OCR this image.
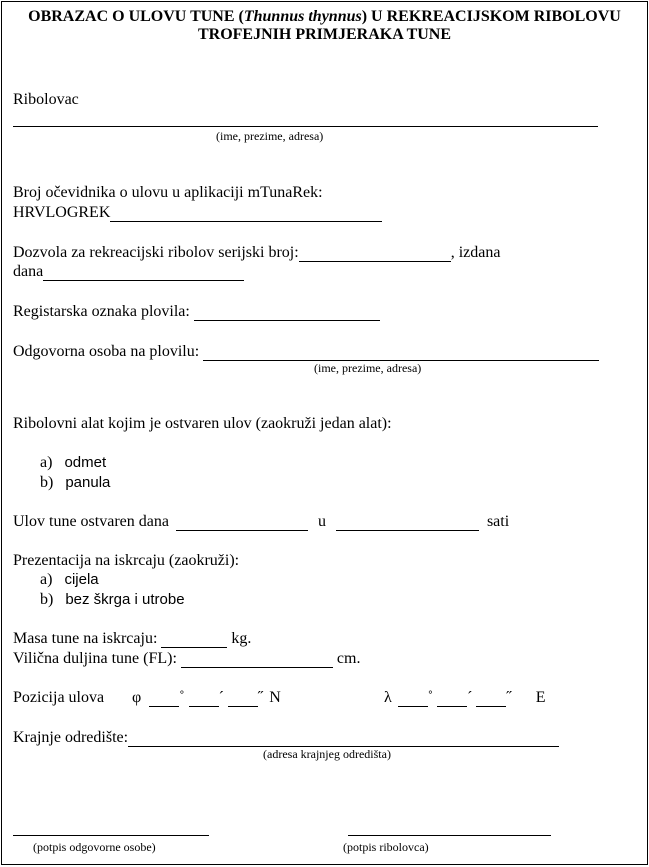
OBRAZAC O ULOVU TUNE (Thunnus thynnus) U REKREACIJSKOM RIBOLOVU
TROFEJNIH PRIMJERAKA TUNE
Ribolovac
(ime, prezime, adresa)
Broj očevidnika o ulovu u aplikaciji mTunaRek:
HRVLOGREK
Dozvola za rekreacijski ribolov serijski broj:	, izdana
dana
Registarska oznaka plovila:
Odgovorna osoba na plovilu:
(ime, prezime, adresa)
Ribolovni alat kojim je ostvaren ulov (zaokruži jedan alat):
a) odmet
b) panula
Ulov tune ostvaren dana	u	sati
Prezentacija na iskrcaju (zaokruži):
a) cijela
b) bez škrga i utrobe
Masa tune na iskrcaju:	kg.
Vilična duljina tune (FL):	cm.
Pozicija ulova φ ˚ ´ ˝ N	λ ˚ ´ ˝ E
Krajnje odredište:
(adresa krajnjeg odredišta)
(potpis odgovorne osobe)	(potpis ribolovca)
